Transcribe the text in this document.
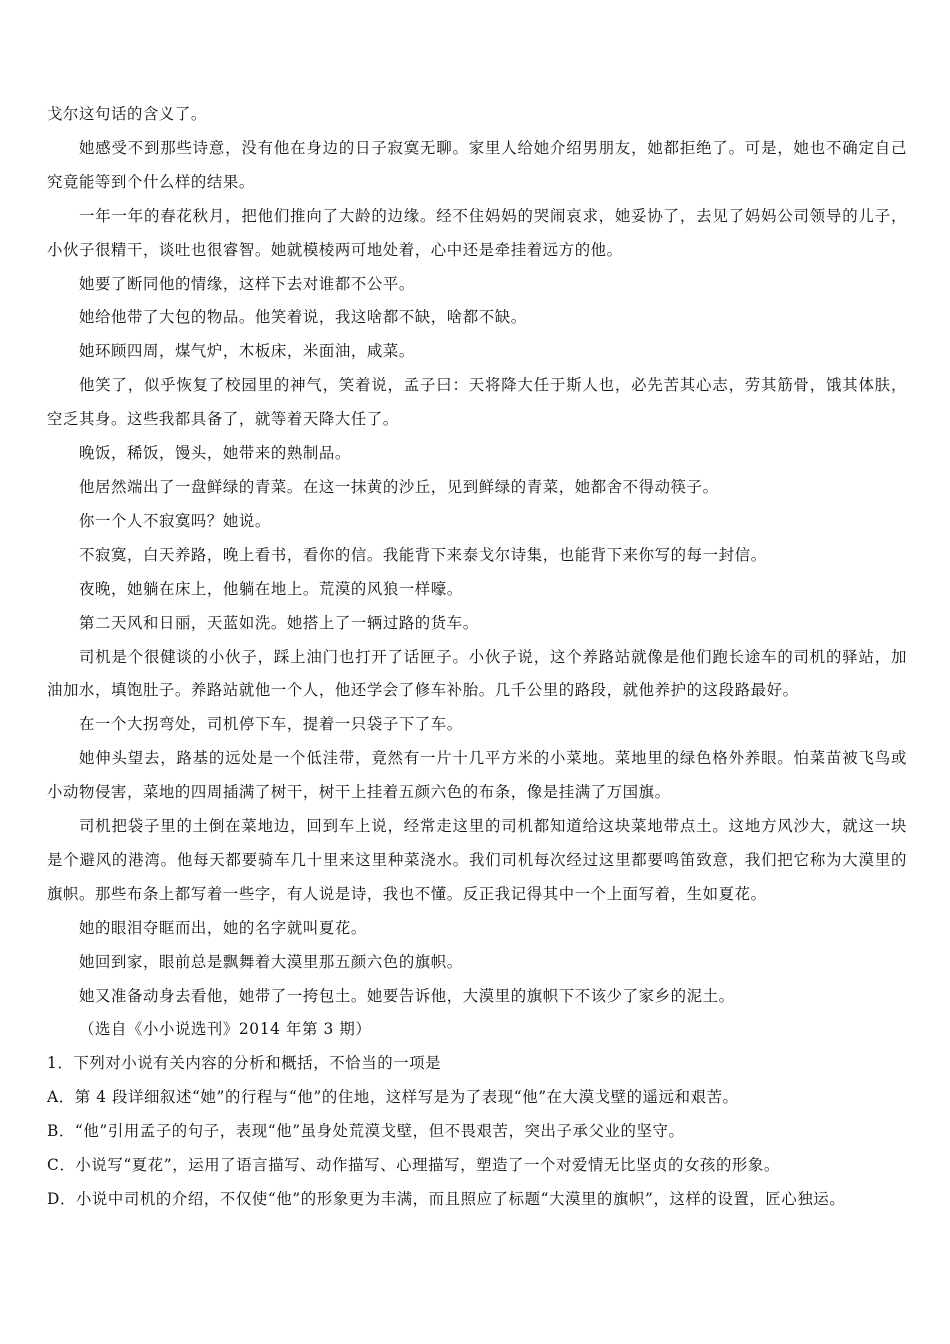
戈尔这句话的含义了。

她感受不到那些诗意，没有他在身边的日子寂寞无聊。家里人给她介绍男朋友，她都拒绝了。可是，她也不确定自己究竟能等到个什么样的结果。

一年一年的春花秋月，把他们推向了大龄的边缘。经不住妈妈的哭闹哀求，她妥协了，去见了妈妈公司领导的儿子，小伙子很精干，谈吐也很睿智。她就模棱两可地处着，心中还是牵挂着远方的他。

她要了断同他的情缘，这样下去对谁都不公平。

她给他带了大包的物品。他笑着说，我这啥都不缺，啥都不缺。

她环顾四周，煤气炉，木板床，米面油，咸菜。

他笑了，似乎恢复了校园里的神气，笑着说，孟子曰：天将降大任于斯人也，必先苦其心志，劳其筋骨，饿其体肤，空乏其身。这些我都具备了，就等着天降大任了。

晚饭，稀饭，馒头，她带来的熟制品。

他居然端出了一盘鲜绿的青菜。在这一抹黄的沙丘，见到鲜绿的青菜，她都舍不得动筷子。

你一个人不寂寞吗？她说。

不寂寞，白天养路，晚上看书，看你的信。我能背下来泰戈尔诗集，也能背下来你写的每一封信。

夜晚，她躺在床上，他躺在地上。荒漠的风狼一样嚎。

第二天风和日丽，天蓝如洗。她搭上了一辆过路的货车。

司机是个很健谈的小伙子，踩上油门也打开了话匣子。小伙子说，这个养路站就像是他们跑长途车的司机的驿站，加油加水，填饱肚子。养路站就他一个人，他还学会了修车补胎。几千公里的路段，就他养护的这段路最好。

在一个大拐弯处，司机停下车，提着一只袋子下了车。

她伸头望去，路基的远处是一个低洼带，竟然有一片十几平方米的小菜地。菜地里的绿色格外养眼。怕菜苗被飞鸟或小动物侵害，菜地的四周插满了树干，树干上挂着五颜六色的布条，像是挂满了万国旗。

司机把袋子里的土倒在菜地边，回到车上说，经常走这里的司机都知道给这块菜地带点土。这地方风沙大，就这一块是个避风的港湾。他每天都要骑车几十里来这里种菜浇水。我们司机每次经过这里都要鸣笛致意，我们把它称为大漠里的旗帜。那些布条上都写着一些字，有人说是诗，我也不懂。反正我记得其中一个上面写着，生如夏花。

她的眼泪夺眶而出，她的名字就叫夏花。

她回到家，眼前总是飘舞着大漠里那五颜六色的旗帜。

她又准备动身去看他，她带了一挎包土。她要告诉他，大漠里的旗帜下不该少了家乡的泥土。

（选自《小小说选刊》2014 年第 3 期）

1．下列对小说有关内容的分析和概括，不恰当的一项是

A．第 4 段详细叙述“她”的行程与“他”的住地，这样写是为了表现“他”在大漠戈壁的遥远和艰苦。

B．“他”引用孟子的句子，表现“他”虽身处荒漠戈壁，但不畏艰苦，突出子承父业的坚守。

C．小说写“夏花”，运用了语言描写、动作描写、心理描写，塑造了一个对爱情无比坚贞的女孩的形象。

D．小说中司机的介绍，不仅使“他”的形象更为丰满，而且照应了标题“大漠里的旗帜”，这样的设置，匠心独运。
